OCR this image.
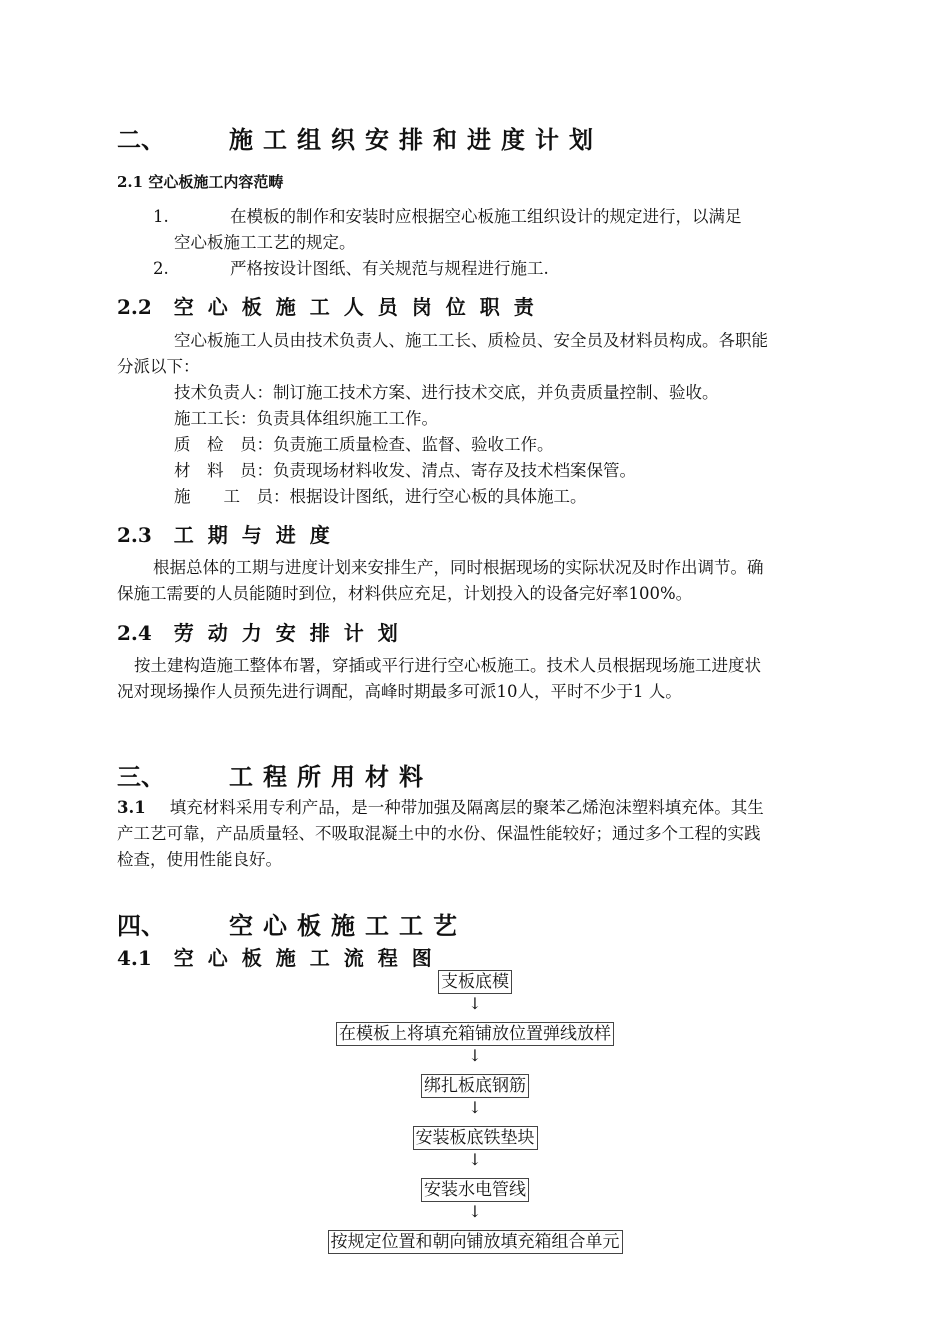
二、	施工组织安排和进度计划
2.1 空心板施工内容范畴
1.	在模板的制作和安装时应根据空心板施工组织设计的规定进行，以满足
空心板施工工艺的规定。
2.	严格按设计图纸、有关规范与规程进行施工.
2.2 空心板施工人员岗位职责
空心板施工人员由技术负责人、施工工长、质检员、安全员及材料员构成。各职能
分派以下：
技术负责人：制订施工技术方案、进行技术交底，并负责质量控制、验收。
施工工长：负责具体组织施工工作。
质　检　员：负责施工质量检查、监督、验收工作。
材　料　员：负责现场材料收发、清点、寄存及技术档案保管。
施　　工　员：根据设计图纸，进行空心板的具体施工。
2.3 工期与进度
根据总体的工期与进度计划来安排生产，同时根据现场的实际状况及时作出调节。确
保施工需要的人员能随时到位，材料供应充足，计划投入的设备完好率100%。
2.4 劳动力安排计划
按土建构造施工整体布署，穿插或平行进行空心板施工。技术人员根据现场施工进度状
况对现场操作人员预先进行调配，高峰时期最多可派10人，平时不少于1 人。
三、	工程所用材料
3.1 填充材料采用专利产品，是一种带加强及隔离层的聚苯乙烯泡沫塑料填充体。其生
产工艺可靠，产品质量轻、不吸取混凝土中的水份、保温性能较好；通过多个工程的实践
检查，使用性能良好。
四、	空心板施工工艺
4.1 空心板施工流程图
支板底模
↓
在模板上将填充箱铺放位置弹线放样
↓
绑扎板底钢筋
↓
安装板底铁垫块
↓
安装水电管线
↓
按规定位置和朝向铺放填充箱组合单元
